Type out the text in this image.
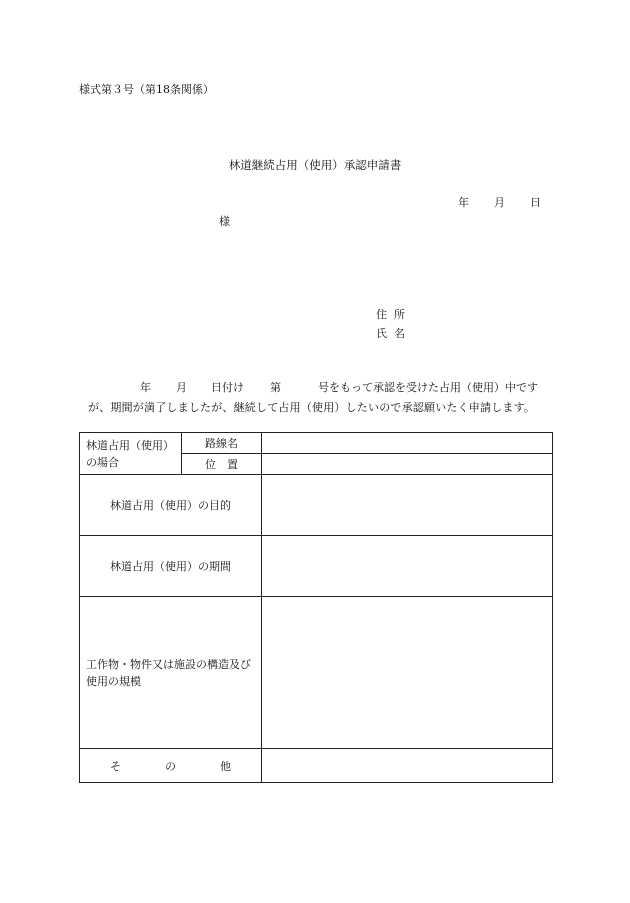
様式第３号（第18条関係）
林道継続占用（使用）承認申請書
年 月 日
様
住所
氏名
年 月 日付け 第	号をもって承認を受けた占用（使用）中です
が、期間が満了しましたが、継続して占用（使用）したいので承認願いたく申請します。
林道占用（使用）の場合	路線名	
	位　置	
林道占用（使用）の目的		
林道占用（使用）の期間		

工作物・物件又は施設の構造及び使用の規模		

そ の 他		
